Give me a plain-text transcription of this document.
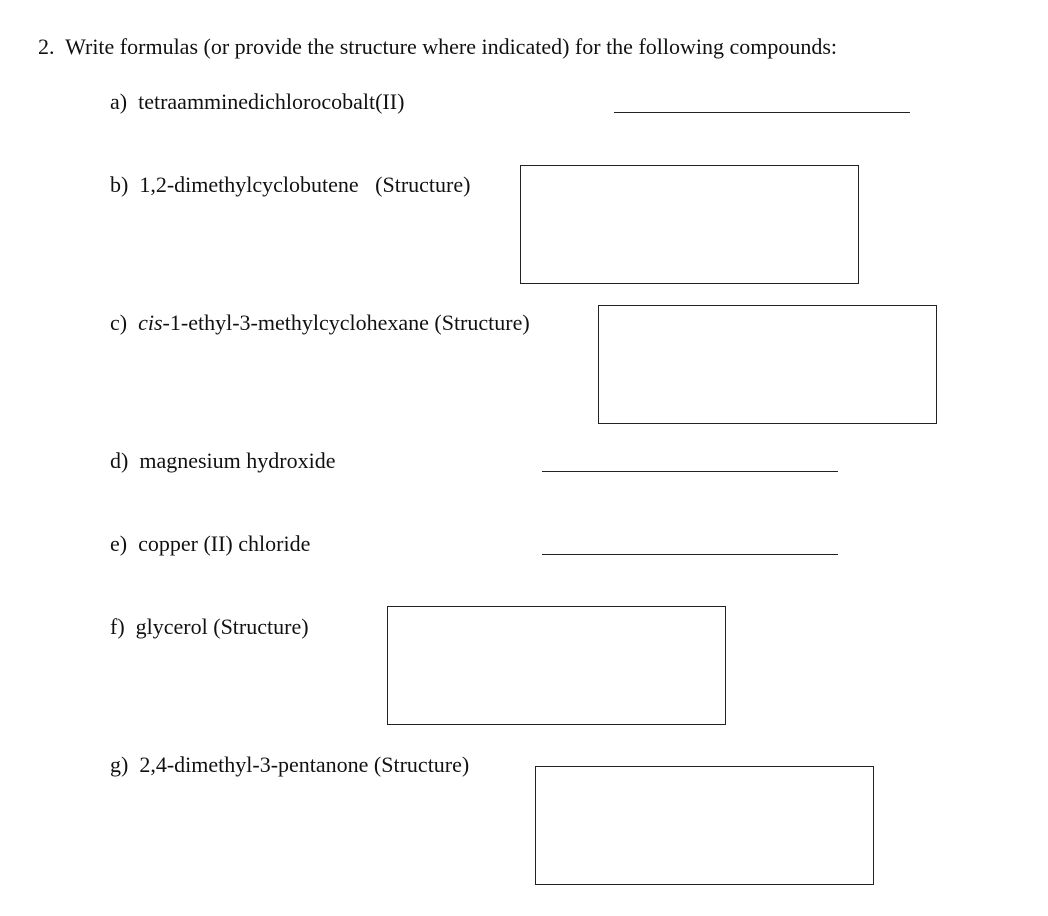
2. Write formulas (or provide the structure where indicated) for the following compounds:
a) tetraamminedichlorocobalt(II)
b) 1,2-dimethylcyclobutene   (Structure)
c) cis-1-ethyl-3-methylcyclohexane (Structure)
d) magnesium hydroxide
e) copper (II) chloride
f) glycerol (Structure)
g) 2,4-dimethyl-3-pentanone (Structure)
